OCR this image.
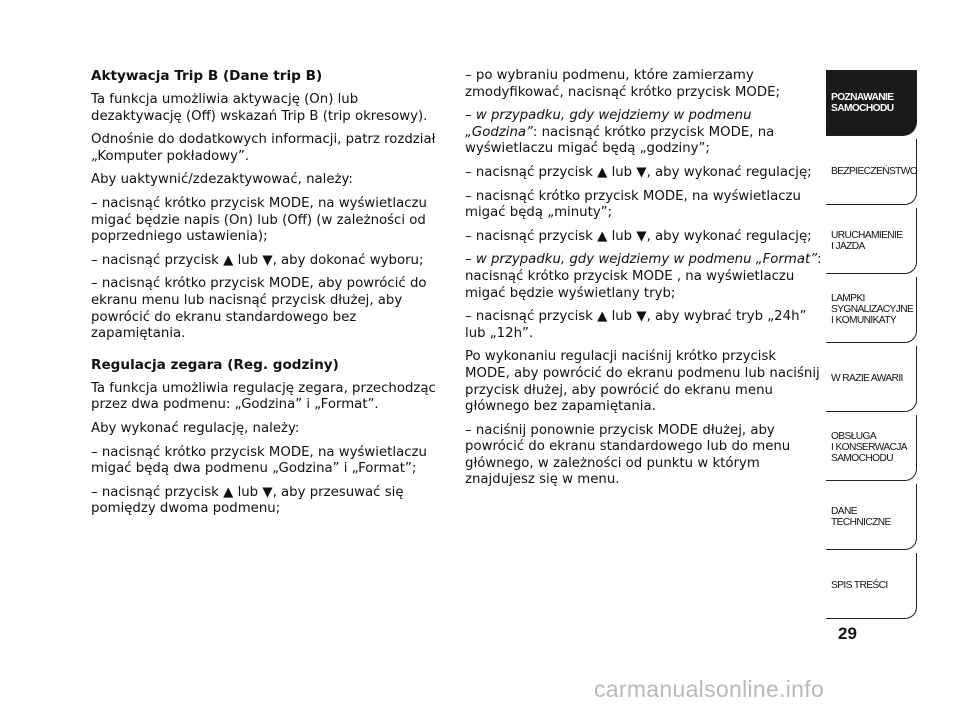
Aktywacja Trip B (Dane trip B)

Ta funkcja umożliwia aktywację (On) lub dezaktywację (Off) wskazań Trip B (trip okresowy).

Odnośnie do dodatkowych informacji, patrz rozdział „Komputer pokładowy”.

Aby uaktywnić/zdezaktywować, należy:

– nacisnąć krótko przycisk MODE, na wyświetlaczu migać będzie napis (On) lub (Off) (w zależności od poprzedniego ustawienia);

– nacisnąć przycisk ▲ lub ▼, aby dokonać wyboru;

– nacisnąć krótko przycisk MODE, aby powrócić do ekranu menu lub nacisnąć przycisk dłużej, aby powrócić do ekranu standardowego bez zapamiętania.

Regulacja zegara (Reg. godziny)

Ta funkcja umożliwia regulację zegara, przechodząc przez dwa podmenu: „Godzina” i „Format”.

Aby wykonać regulację, należy:

– nacisnąć krótko przycisk MODE, na wyświetlaczu migać będą dwa podmenu „Godzina” i „Format”;

– nacisnąć przycisk ▲ lub ▼, aby przesuwać się pomiędzy dwoma podmenu;

– po wybraniu podmenu, które zamierzamy zmodyfikować, nacisnąć krótko przycisk MODE;

– w przypadku, gdy wejdziemy w podmenu „Godzina”: nacisnąć krótko przycisk MODE, na wyświetlaczu migać będą „godziny”;

– nacisnąć przycisk ▲ lub ▼, aby wykonać regulację;

– nacisnąć krótko przycisk MODE, na wyświetlaczu migać będą „minuty”;

– nacisnąć przycisk ▲ lub ▼, aby wykonać regulację;

– w przypadku, gdy wejdziemy w podmenu „Format”: nacisnąć krótko przycisk MODE , na wyświetlaczu migać będzie wyświetlany tryb;

– nacisnąć przycisk ▲ lub ▼, aby wybrać tryb „24h” lub „12h”.

Po wykonaniu regulacji naciśnij krótko przycisk MODE, aby powrócić do ekranu podmenu lub naciśnij przycisk dłużej, aby powrócić do ekranu menu głównego bez zapamiętania.

– naciśnij ponownie przycisk MODE dłużej, aby powrócić do ekranu standardowego lub do menu głównego, w zależności od punktu w którym znajdujesz się w menu.

POZNAWANIE
SAMOCHODU
BEZPIECZEŃSTWO
URUCHAMIENIE
I JAZDA
LAMPKI
SYGNALIZACYJNE
I KOMUNIKATY
W RAZIE AWARII
OBSŁUGA
I KONSERWACJA
SAMOCHODU
DANE TECHNICZNE
SPIS TREŚCI
29
carmanualsonline.info
